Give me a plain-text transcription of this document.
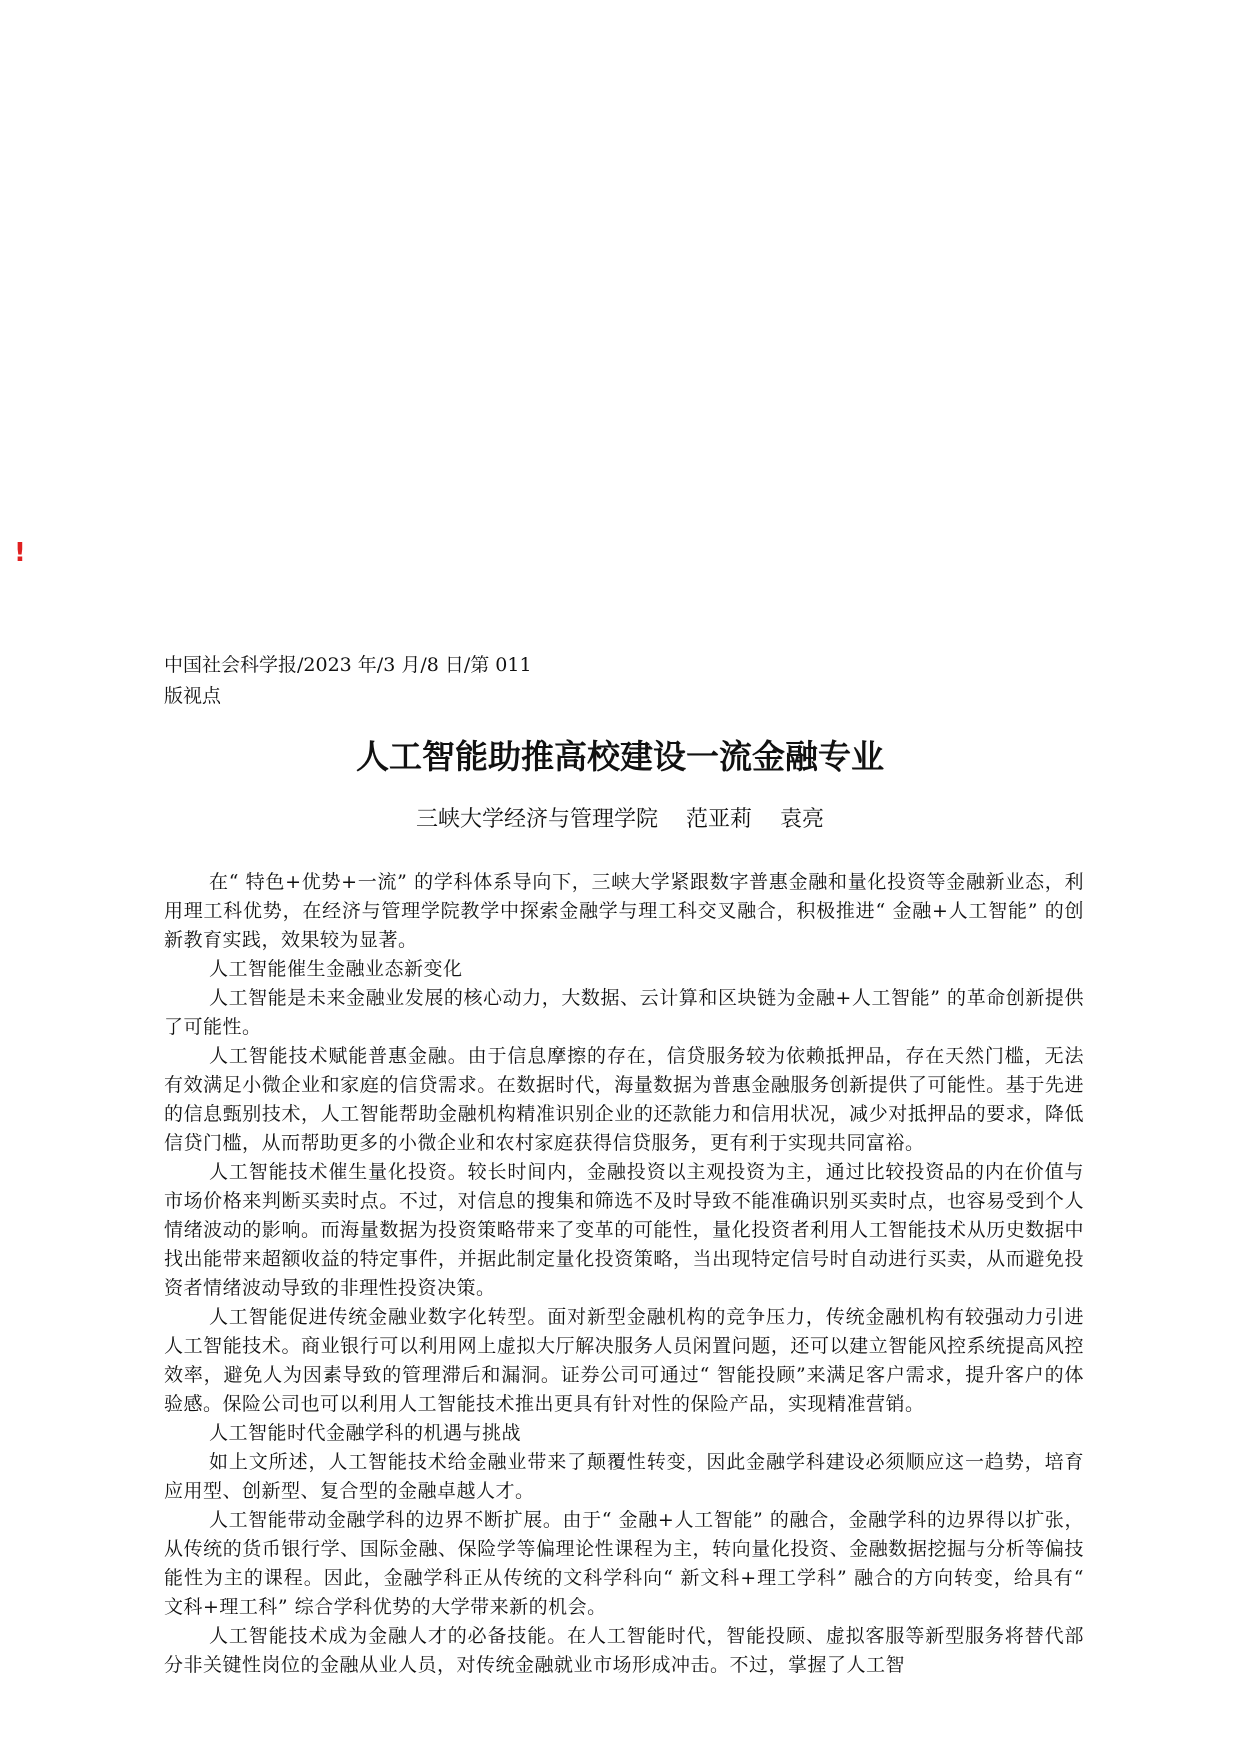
!
中国社会科学报/2023 年/3 月/8 日/第 011
版视点
人工智能助推高校建设一流金融专业
三峡大学经济与管理学院 范亚莉 袁亮

在“ 特色+优势+一流” 的学科体系导向下，三峡大学紧跟数字普惠金融和量化投资等金融新业态，利用理工科优势，在经济与管理学院教学中探索金融学与理工科交叉融合，积极推进“ 金融+人工智能” 的创新教育实践，效果较为显著。

人工智能催生金融业态新变化

人工智能是未来金融业发展的核心动力，大数据、云计算和区块链为金融+人工智能” 的革命创新提供了可能性。

人工智能技术赋能普惠金融。由于信息摩擦的存在，信贷服务较为依赖抵押品，存在天然门槛，无法有效满足小微企业和家庭的信贷需求。在数据时代，海量数据为普惠金融服务创新提供了可能性。基于先进的信息甄别技术，人工智能帮助金融机构精准识别企业的还款能力和信用状况，减少对抵押品的要求，降低信贷门槛，从而帮助更多的小微企业和农村家庭获得信贷服务，更有利于实现共同富裕。

人工智能技术催生量化投资。较长时间内，金融投资以主观投资为主，通过比较投资品的内在价值与市场价格来判断买卖时点。不过，对信息的搜集和筛选不及时导致不能准确识别买卖时点，也容易受到个人情绪波动的影响。而海量数据为投资策略带来了变革的可能性，量化投资者利用人工智能技术从历史数据中找出能带来超额收益的特定事件，并据此制定量化投资策略，当出现特定信号时自动进行买卖，从而避免投资者情绪波动导致的非理性投资决策。

人工智能促进传统金融业数字化转型。面对新型金融机构的竞争压力，传统金融机构有较强动力引进人工智能技术。商业银行可以利用网上虚拟大厅解决服务人员闲置问题，还可以建立智能风控系统提高风控效率，避免人为因素导致的管理滞后和漏洞。证券公司可通过“ 智能投顾”来满足客户需求，提升客户的体验感。保险公司也可以利用人工智能技术推出更具有针对性的保险产品，实现精准营销。

人工智能时代金融学科的机遇与挑战

如上文所述，人工智能技术给金融业带来了颠覆性转变，因此金融学科建设必须顺应这一趋势，培育应用型、创新型、复合型的金融卓越人才。

人工智能带动金融学科的边界不断扩展。由于“ 金融+人工智能” 的融合，金融学科的边界得以扩张，从传统的货币银行学、国际金融、保险学等偏理论性课程为主，转向量化投资、金融数据挖掘与分析等偏技能性为主的课程。因此，金融学科正从传统的文科学科向“ 新文科+理工学科” 融合的方向转变，给具有“ 文科+理工科” 综合学科优势的大学带来新的机会。

人工智能技术成为金融人才的必备技能。在人工智能时代，智能投顾、虚拟客服等新型服务将替代部分非关键性岗位的金融从业人员，对传统金融就业市场形成冲击。不过，掌握了人工智
